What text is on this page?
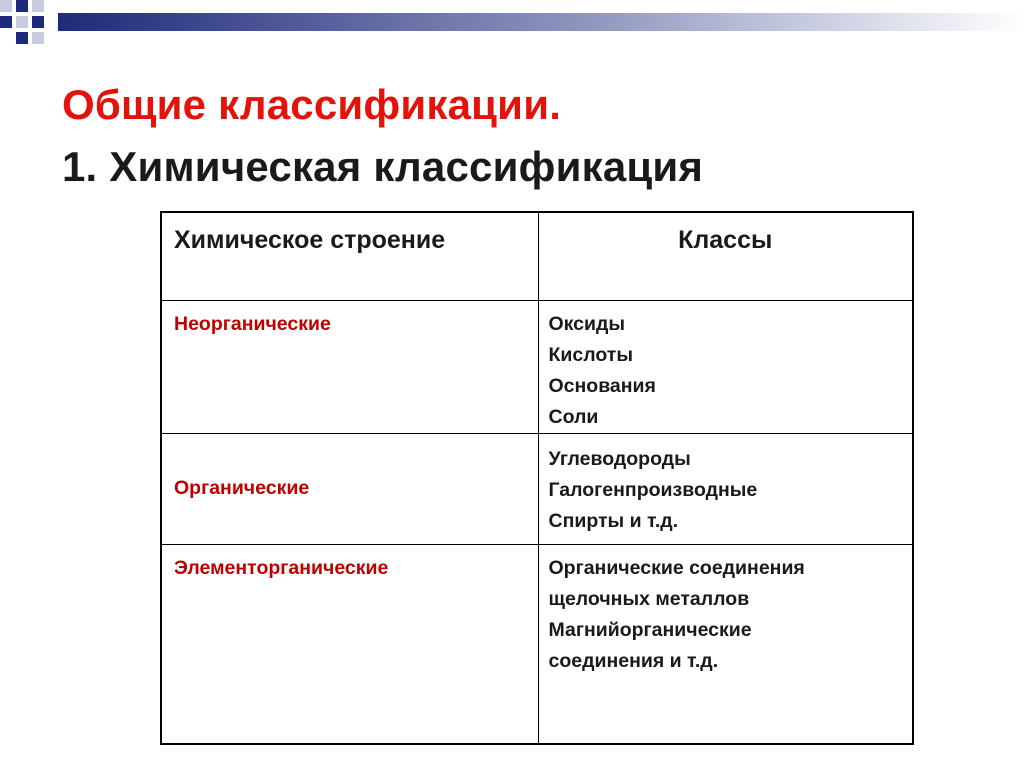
Общие классификации.
1. Химическая классификация
Химическое строение	Классы
Неорганические	Оксиды
Кислоты
Основания
Соли

Органические	Углеводороды
Галогенпроизводные
Спирты и т.д.

Элементорганические	Органические соединения
щелочных металлов
Магнийорганические
соединения и т.д.
